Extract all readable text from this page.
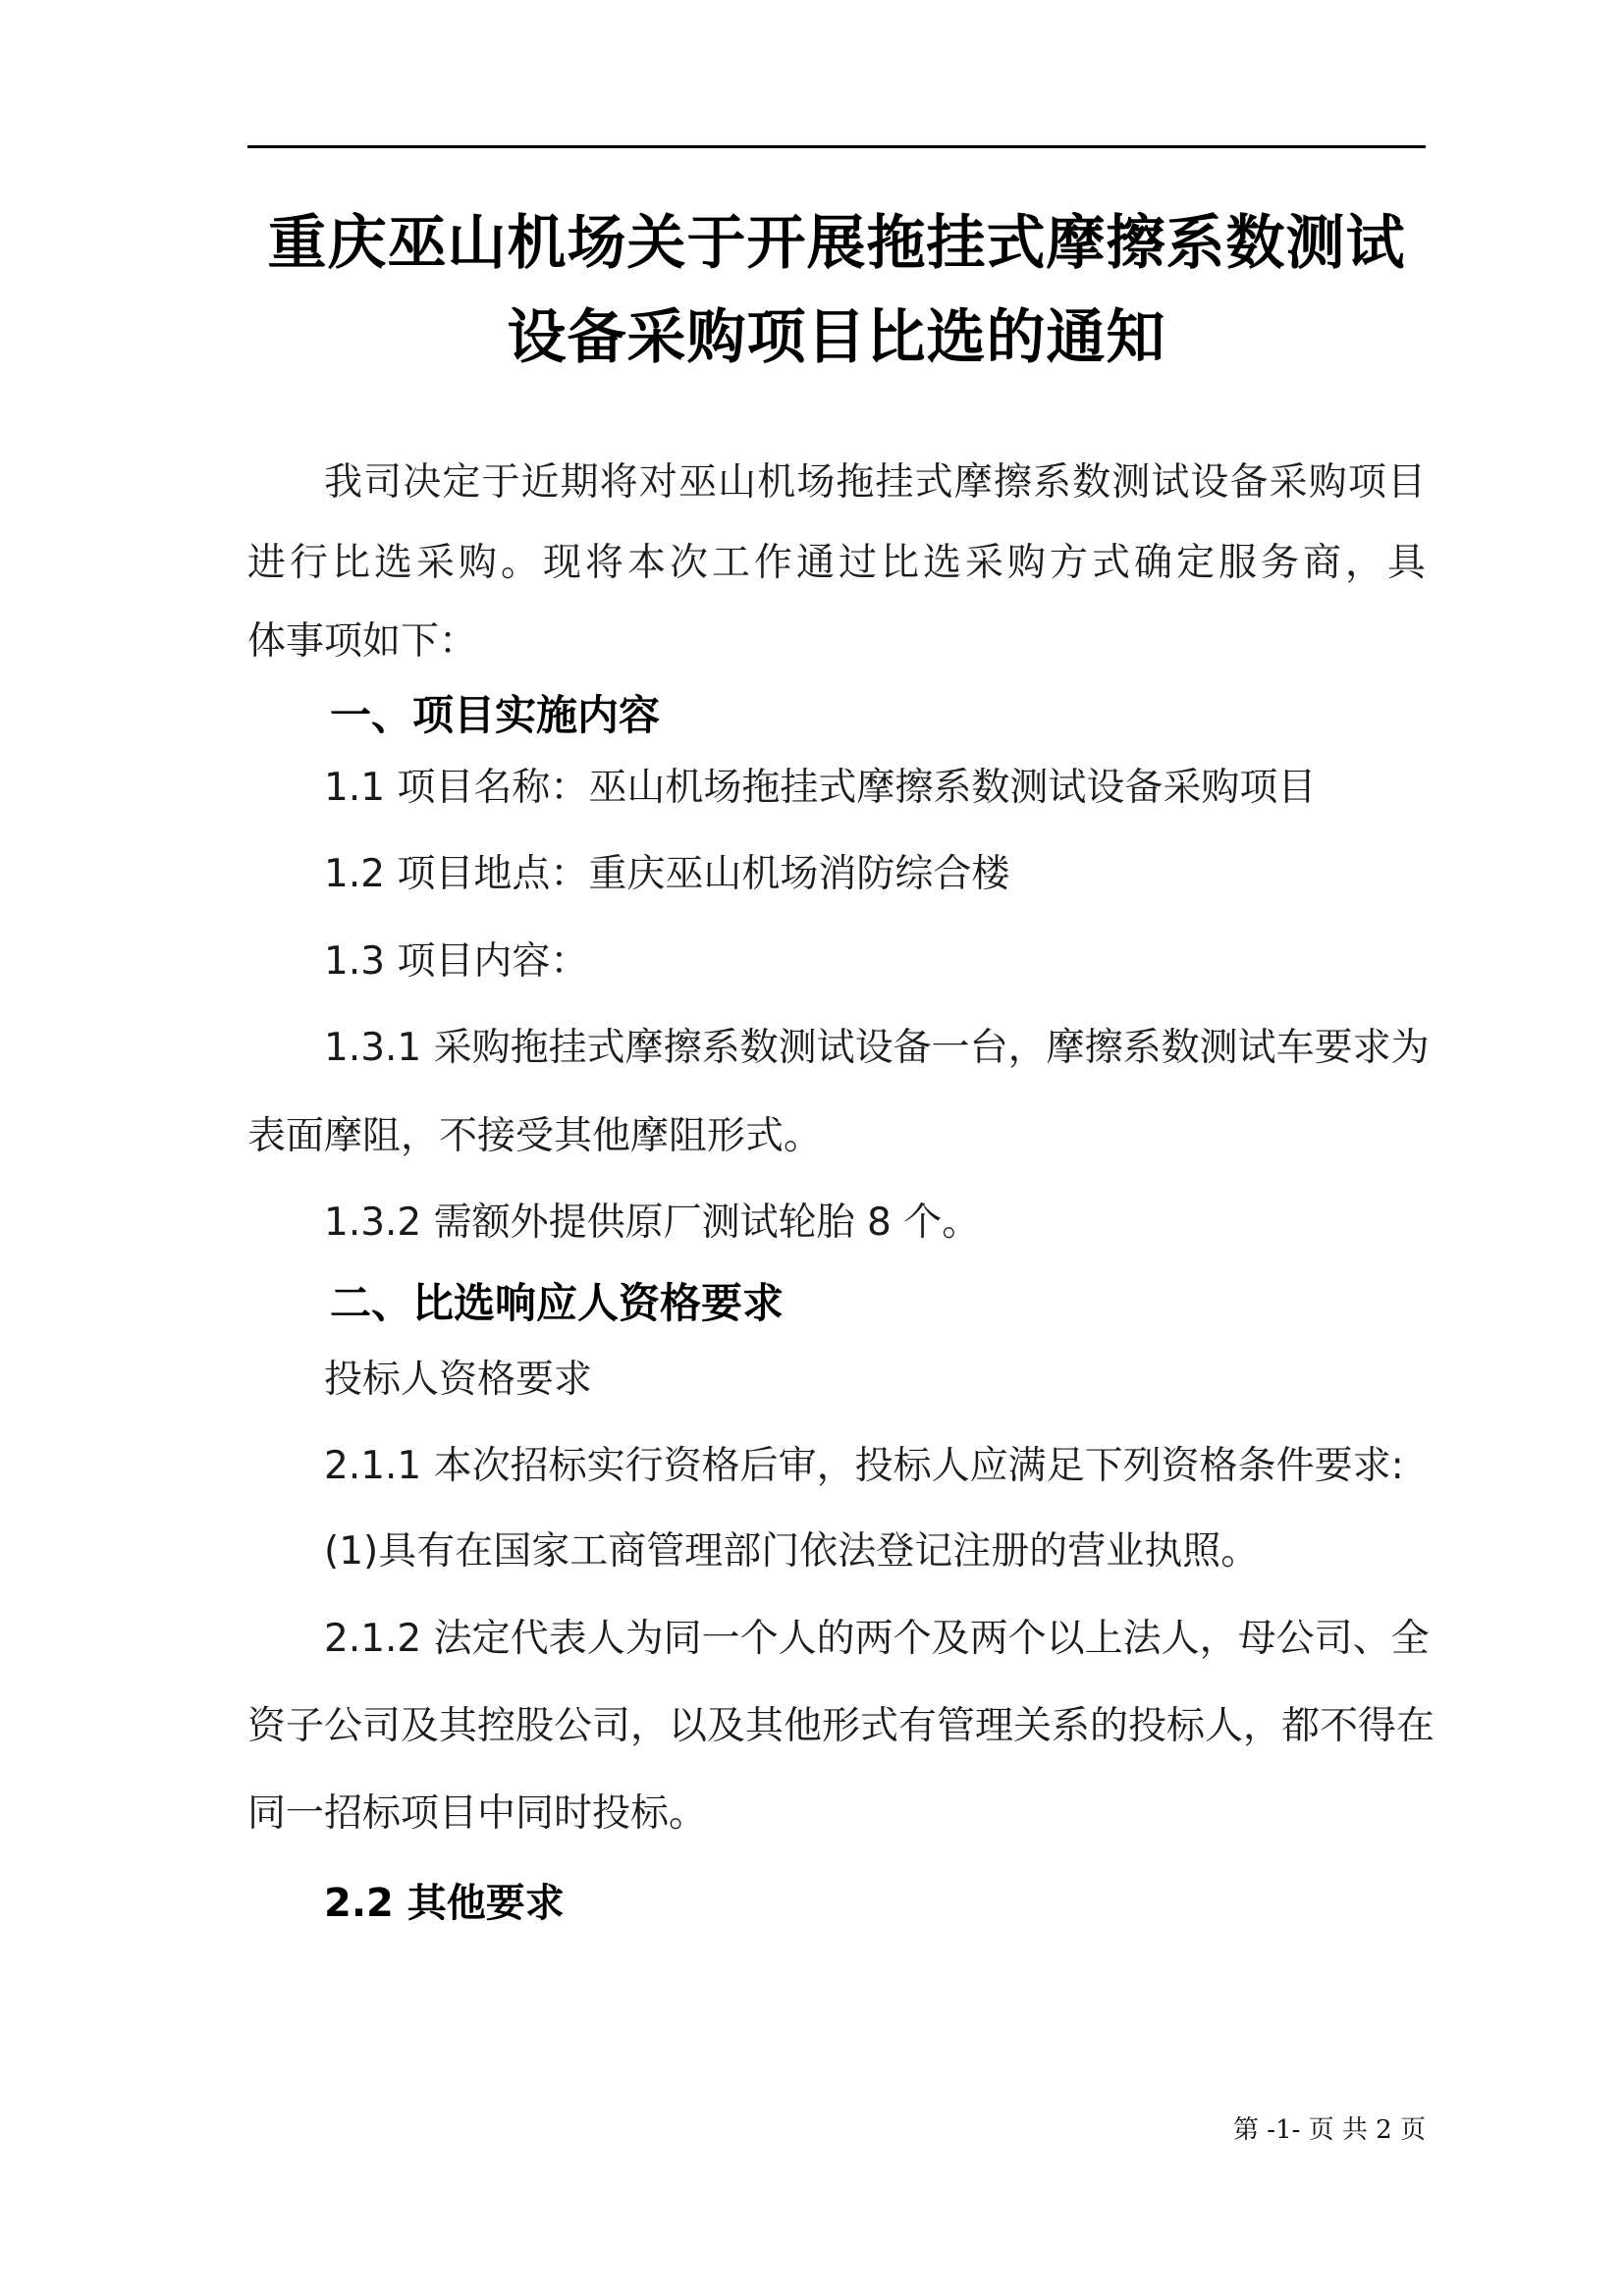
重庆巫山机场关于开展拖挂式摩擦系数测试
设备采购项目比选的通知
我司决定于近期将对巫山机场拖挂式摩擦系数测试设备采购项目
进行比选采购。现将本次工作通过比选采购方式确定服务商，具
体事项如下：
一、项目实施内容
1.1 项目名称：巫山机场拖挂式摩擦系数测试设备采购项目
1.2 项目地点：重庆巫山机场消防综合楼
1.3 项目内容：
1.3.1 采购拖挂式摩擦系数测试设备一台，摩擦系数测试车要求为
表面摩阻，不接受其他摩阻形式。
1.3.2 需额外提供原厂测试轮胎 8 个。
二、比选响应人资格要求
投标人资格要求
2.1.1 本次招标实行资格后审，投标人应满足下列资格条件要求:
(1)具有在国家工商管理部门依法登记注册的营业执照。
2.1.2 法定代表人为同一个人的两个及两个以上法人，母公司、全
资子公司及其控股公司，以及其他形式有管理关系的投标人，都不得在
同一招标项目中同时投标。
2.2 其他要求
第 -1- 页 共 2 页
